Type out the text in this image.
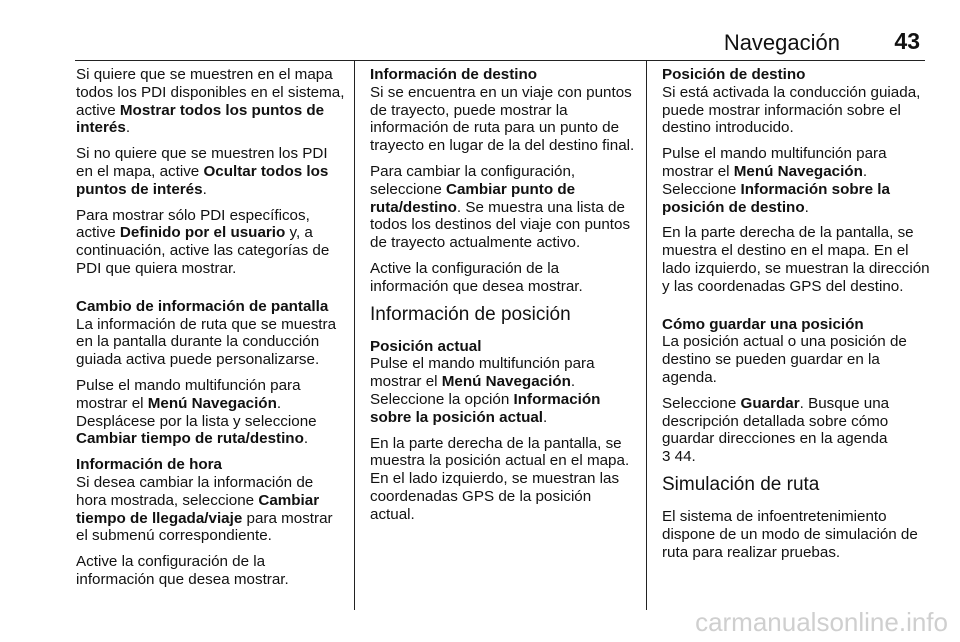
Navegación 43

Si quiere que se muestren en el mapa todos los PDI disponibles en el sistema, active Mostrar todos los puntos de interés.

Si no quiere que se muestren los PDI en el mapa, active Ocultar todos los puntos de interés.

Para mostrar sólo PDI específicos, active Definido por el usuario y, a continuación, active las categorías de PDI que quiera mostrar.

Cambio de información de pantalla

La información de ruta que se muestra en la pantalla durante la conducción guiada activa puede personalizarse.

Pulse el mando multifunción para mostrar el Menú Navegación. Desplácese por la lista y seleccione Cambiar tiempo de ruta/destino.

Información de hora

Si desea cambiar la información de hora mostrada, seleccione Cambiar tiempo de llegada/viaje para mostrar el submenú correspondiente.

Active la configuración de la información que desea mostrar.

Información de destino

Si se encuentra en un viaje con puntos de trayecto, puede mostrar la información de ruta para un punto de trayecto en lugar de la del destino final.

Para cambiar la configuración, seleccione Cambiar punto de ruta/destino. Se muestra una lista de todos los destinos del viaje con puntos de trayecto actualmente activo.

Active la configuración de la información que desea mostrar.

Información de posición
Posición actual

Pulse el mando multifunción para mostrar el Menú Navegación. Seleccione la opción Información sobre la posición actual.

En la parte derecha de la pantalla, se muestra la posición actual en el mapa. En el lado izquierdo, se muestran las coordenadas GPS de la posición actual.

Posición de destino

Si está activada la conducción guiada, puede mostrar información sobre el destino introducido.

Pulse el mando multifunción para mostrar el Menú Navegación. Seleccione Información sobre la posición de destino.

En la parte derecha de la pantalla, se muestra el destino en el mapa. En el lado izquierdo, se muestran la dirección y las coordenadas GPS del destino.

Cómo guardar una posición

La posición actual o una posición de destino se pueden guardar en la agenda.

Seleccione Guardar. Busque una descripción detallada sobre cómo guardar direcciones en la agenda
3 44.

Simulación de ruta

El sistema de infoentretenimiento dispone de un modo de simulación de ruta para realizar pruebas.

carmanualsonline.info
